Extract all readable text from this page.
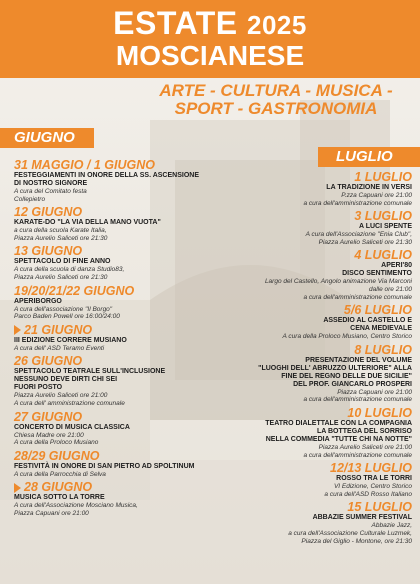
ESTATE 2025
MOSCIANESE
ARTE - CULTURA - MUSICA -
SPORT - GASTRONOMIA
GIUGNO
LUGLIO
31 MAGGIO / 1 GIUGNO
FESTEGGIAMENTI IN ONORE DELLA SS. ASCENSIONE
DI NOSTRO SIGNORE
A cura del Comitato festa
Collepietro
12 GIUGNO
KARATE-DO "LA VIA DELLA MANO VUOTA"
a cura della scuola Karate Italia,
Piazza Aurelio Saliceti ore 21:30
13 GIUGNO
SPETTACOLO DI FINE ANNO
A cura della scuola di danza Studio83,
Piazza Aurelio Saliceti ore 21:30
19/20/21/22 GIUGNO
APERIBORGO
A cura dell'associazione "Il Borgo"
Parco Baden Powell ore 16:00/24:00
21 GIUGNO
III EDIZIONE CORRERE MUSIANO
A cura dell' ASD Teramo Eventi
26 GIUGNO
SPETTACOLO TEATRALE SULL'INCLUSIONE
NESSUNO DEVE DIRTI CHI SEI
FUORI POSTO
Piazza Aurelio Saliceti ore 21:00
A cura dell' amministrazione comunale
27 GIUGNO
CONCERTO DI MUSICA CLASSICA
Chiesa Madre ore 21:00
A cura della Proloco Musiano
28/29 GIUGNO
FESTIVITÀ IN ONORE DI SAN PIETRO AD SPOLTINUM
A cura della Parrocchia di Selva
28 GIUGNO
MUSICA SOTTO LA TORRE
A cura dell'Associazione Mosciano Musica,
Piazza Capuani ore 21:00
1 LUGLIO
LA TRADIZIONE IN VERSI
P.zza Capuani ore 21:00
a cura dell'amministrazione comunale
3 LUGLIO
A LUCI SPENTE
A cura dell'Associazione "Enia Club",
Piazza Aurelio Saliceti ore 21:30
4 LUGLIO
APERI'80
DISCO SENTIMENTO
Largo del Castello, Angolo animazione Via Marconi
dalle ore 21:00
a cura dell'amministrazione comunale
5/6 LUGLIO
ASSEDIO AL CASTELLO E
CENA MEDIEVALE
A cura della Proloco Musiano, Centro Storico
8 LUGLIO
PRESENTAZIONE DEL VOLUME
"LUOGHI DELL' ABRUZZO ULTERIORE" ALLA
FINE DEL REGNO DELLE DUE SICILIE"
DEL PROF. GIANCARLO PROSPERI
Piazza Capuani ore 21:00
a cura dell'amministrazione comunale
10 LUGLIO
TEATRO DIALETTALE CON LA COMPAGNIA
LA BOTTEGA DEL SORRISO
NELLA COMMEDIA "TUTTE CHI NA NOTTE"
Piazza Aurelio Saliceti ore 21:00
a cura dell'amministrazione comunale
12/13 LUGLIO
ROSSO TRA LE TORRI
VI Edizione, Centro Storico
a cura dell'ASD Rosso Italiano
15 LUGLIO
ABBAZIE SUMMER FESTIVAL
Abbazie Jazz,
a cura dell'Associazione Culturale Luzmek,
Piazza del Giglio - Montone, ore 21:30
